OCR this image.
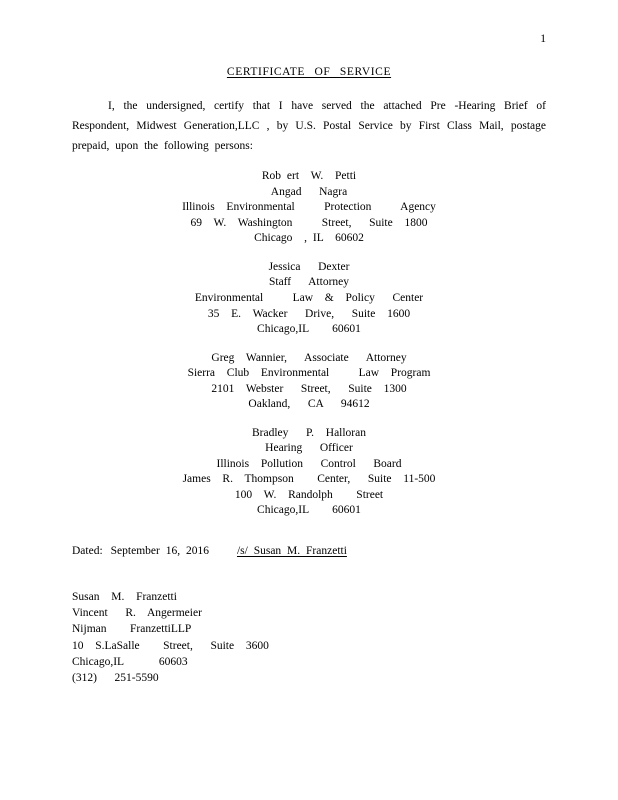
1
CERTIFICATE OF SERVICE
I, the undersigned, certify that I have served the attached Pre -Hearing Brief of Respondent, Midwest Generation,LLC , by U.S. Postal Service by First Class Mail, postage prepaid, upon the following persons:
Rob ert  W.  Petti
Angad   Nagra
Illinois  Environmental     Protection     Agency
69  W.  Washington     Street,   Suite  1800
Chicago  , IL  60602
Jessica   Dexter
Staff   Attorney
Environmental     Law  &  Policy   Center
35  E.  Wacker   Drive,   Suite  1600
Chicago,IL    60601
Greg  Wannier,   Associate   Attorney
Sierra  Club  Environmental     Law  Program
2101  Webster   Street,   Suite  1300
Oakland,   CA   94612
Bradley   P.  Halloran
Hearing   Officer
Illinois  Pollution   Control   Board
James  R.  Thompson    Center,   Suite  11-500
100  W.  Randolph    Street
Chicago,IL    60601
Dated: September 16, 2016 /s/ Susan M. Franzetti
Susan  M.  Franzetti
Vincent   R.  Angermeier
Nijman    FranzettiLLP
10  S.LaSalle    Street,   Suite  3600
Chicago,IL      60603
(312)   251-5590
